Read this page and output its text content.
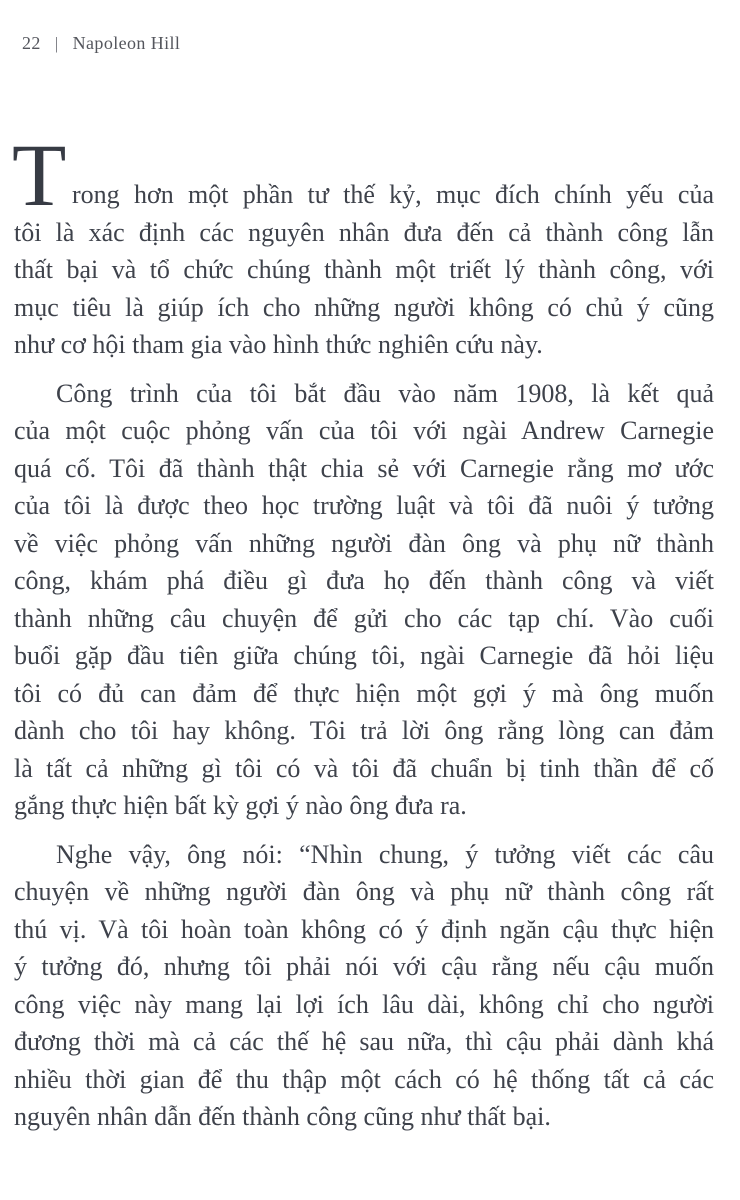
22 | Napoleon Hill
T rong hơn một phần tư thế kỷ, mục đích chính yếu của
tôi là xác định các nguyên nhân đưa đến cả thành công lẫn
thất bại và tổ chức chúng thành một triết lý thành công, với
mục tiêu là giúp ích cho những người không có chủ ý cũng
như cơ hội tham gia vào hình thức nghiên cứu này.
Công trình của tôi bắt đầu vào năm 1908, là kết quả
của một cuộc phỏng vấn của tôi với ngài Andrew Carnegie
quá cố. Tôi đã thành thật chia sẻ với Carnegie rằng mơ ước
của tôi là được theo học trường luật và tôi đã nuôi ý tưởng
về việc phỏng vấn những người đàn ông và phụ nữ thành
công, khám phá điều gì đưa họ đến thành công và viết
thành những câu chuyện để gửi cho các tạp chí. Vào cuối
buổi gặp đầu tiên giữa chúng tôi, ngài Carnegie đã hỏi liệu
tôi có đủ can đảm để thực hiện một gợi ý mà ông muốn
dành cho tôi hay không. Tôi trả lời ông rằng lòng can đảm
là tất cả những gì tôi có và tôi đã chuẩn bị tinh thần để cố
gắng thực hiện bất kỳ gợi ý nào ông đưa ra.
Nghe vậy, ông nói: “Nhìn chung, ý tưởng viết các câu
chuyện về những người đàn ông và phụ nữ thành công rất
thú vị. Và tôi hoàn toàn không có ý định ngăn cậu thực hiện
ý tưởng đó, nhưng tôi phải nói với cậu rằng nếu cậu muốn
công việc này mang lại lợi ích lâu dài, không chỉ cho người
đương thời mà cả các thế hệ sau nữa, thì cậu phải dành khá
nhiều thời gian để thu thập một cách có hệ thống tất cả các
nguyên nhân dẫn đến thành công cũng như thất bại.
